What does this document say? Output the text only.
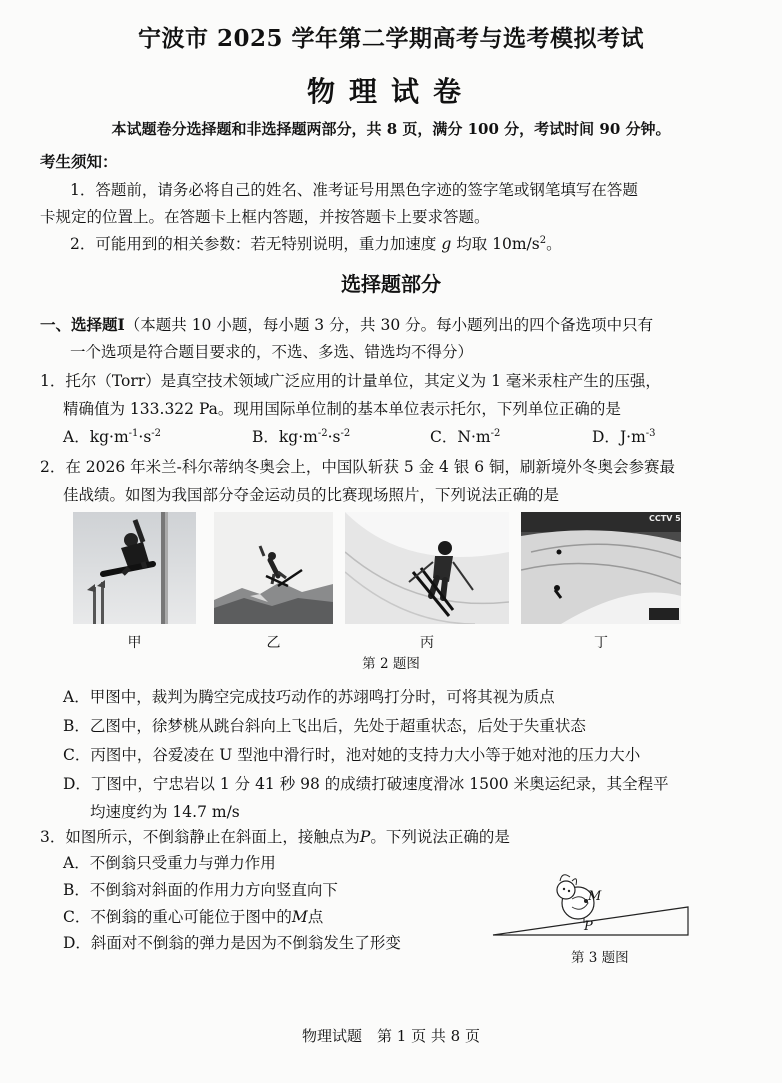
宁波市 2025 学年第二学期高考与选考模拟考试
物理试卷
本试题卷分选择题和非选择题两部分，共 8 页，满分 100 分，考试时间 90 分钟。
考生须知：
1．答题前，请务必将自己的姓名、准考证号用黑色字迹的签字笔或钢笔填写在答题
卡规定的位置上。在答题卡上框内答题，并按答题卡上要求答题。
2．可能用到的相关参数：若无特别说明，重力加速度 g 均取 $10m/s^2$。
选择题部分
一、选择题Ⅰ（本题共 10 小题，每小题 3 分，共 30 分。每小题列出的四个备选项中只有
一个选项是符合题目要求的，不选、多选、错选均不得分）
1．托尔（Torr）是真空技术领域广泛应用的计量单位，其定义为 1 毫米汞柱产生的压强，
精确值为 133.322 Pa。现用国际单位制的基本单位表示托尔，下列单位正确的是
A．$kg\cdot m^{-1}\cdot s^{-2}$	B．$kg\cdot m^{-2}\cdot s^{-2}$	C．$N\cdot m^{-2}$	D．$J\cdot m^{-3}$
2．在 2026 年米兰-科尔蒂纳冬奥会上，中国队斩获 5 金 4 银 6 铜，刷新境外冬奥会参赛最
佳战绩。如图为我国部分夺金运动员的比赛现场照片，下列说法正确的是
CCTV 5
甲	乙	丙	丁
第 2 题图
A．甲图中，裁判为腾空完成技巧动作的苏翊鸣打分时，可将其视为质点
B．乙图中，徐梦桃从跳台斜向上飞出后，先处于超重状态，后处于失重状态
C．丙图中，谷爱凌在 U 型池中滑行时，池对她的支持力大小等于她对池的压力大小
D．丁图中，宁忠岩以 1 分 41 秒 98 的成绩打破速度滑冰 1500 米奥运纪录，其全程平
均速度约为 14.7 m/s
3．如图所示，不倒翁静止在斜面上，接触点为P。下列说法正确的是
A．不倒翁只受重力与弹力作用
B．不倒翁对斜面的作用力方向竖直向下
C．不倒翁的重心可能位于图中的M点
D．斜面对不倒翁的弹力是因为不倒翁发生了形变
M
P
第 3 题图
物理试题　第 1 页 共 8 页
